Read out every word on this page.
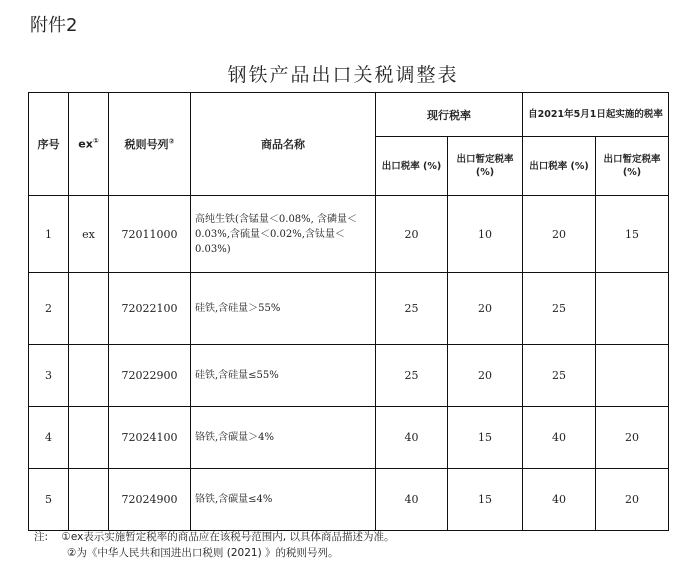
附件2
钢铁产品出口关税调整表
序号	ex①	税则号列②	商品名称	现行税率		自2021年5月1日起实施的税率	
				出口税率 (%)	出口暂定税率 (%)	出口税率 (%)	出口暂定税率 (%)
1	ex	72011000	高纯生铁(含锰量＜0.08%, 含磷量＜0.03%,含硫量＜0.02%,含钛量＜0.03%)	20	10	20	15
2		72022100	硅铁,含硅量＞55%	25	20	25	
3		72022900	硅铁,含硅量≤55%	25	20	25	
4		72024100	铬铁,含碳量＞4%	40	15	40	20
5		72024900	铬铁,含碳量≤4%	40	15	40	20
注: ①ex表示实施暂定税率的商品应在该税号范围内, 以具体商品描述为准。
②为《中华人民共和国进出口税则 (2021) 》的税则号列。
